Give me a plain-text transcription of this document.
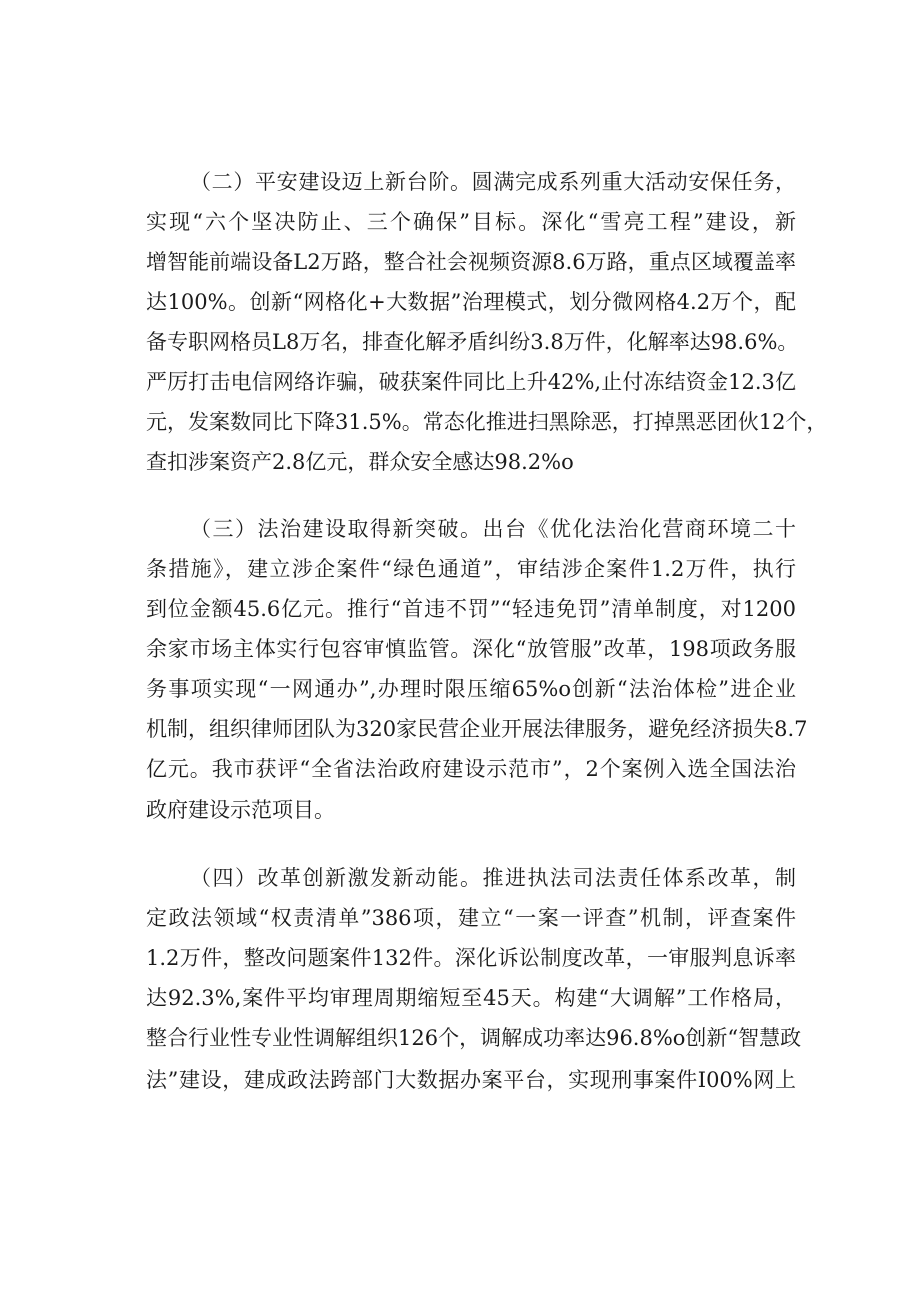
（二）平安建设迈上新台阶。圆满完成系列重大活动安保任务，
实现“六个坚决防止、三个确保”目标。深化“雪亮工程”建设，新
增智能前端设备L2万路，整合社会视频资源8.6万路，重点区域覆盖率
达100%。创新“网格化+大数据”治理模式，划分微网格4.2万个，配
备专职网格员L8万名，排查化解矛盾纠纷3.8万件，化解率达98.6%。
严厉打击电信网络诈骗，破获案件同比上升42%,止付冻结资金12.3亿
元，发案数同比下降31.5%。常态化推进扫黑除恶，打掉黑恶团伙12个，
查扣涉案资产2.8亿元，群众安全感达98.2%o
（三）法治建设取得新突破。出台《优化法治化营商环境二十
条措施》，建立涉企案件“绿色通道”，审结涉企案件1.2万件，执行
到位金额45.6亿元。推行“首违不罚”“轻违免罚”清单制度，对1200
余家市场主体实行包容审慎监管。深化“放管服”改革，198项政务服
务事项实现“一网通办”,办理时限压缩65%o创新“法治体检”进企业
机制，组织律师团队为320家民营企业开展法律服务，避免经济损失8.7
亿元。我市获评“全省法治政府建设示范市”，2个案例入选全国法治
政府建设示范项目。
（四）改革创新激发新动能。推进执法司法责任体系改革，制
定政法领域“权责清单”386项，建立“一案一评查”机制，评查案件
1.2万件，整改问题案件132件。深化诉讼制度改革，一审服判息诉率
达92.3%,案件平均审理周期缩短至45天。构建“大调解”工作格局，
整合行业性专业性调解组织126个，调解成功率达96.8%o创新“智慧政
法”建设，建成政法跨部门大数据办案平台，实现刑事案件I00%网上
